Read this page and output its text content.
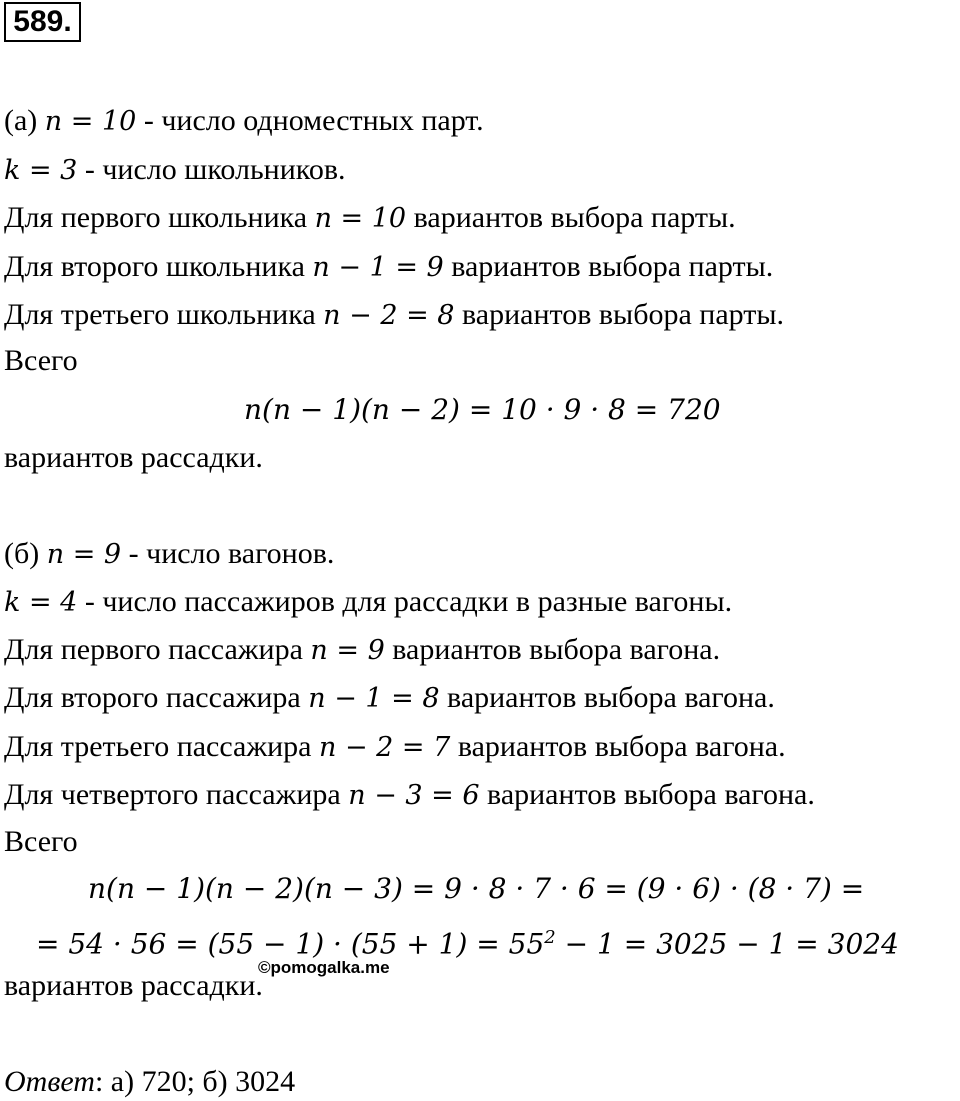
589.
(а) n = 10 - число одноместных парт.
k = 3 - число школьников.
Для первого школьника n = 10 вариантов выбора парты.
Для второго школьника n − 1 = 9 вариантов выбора парты.
Для третьего школьника n − 2 = 8 вариантов выбора парты.
Всего
n(n − 1)(n − 2) = 10 · 9 · 8 = 720
вариантов рассадки.
(б) n = 9 - число вагонов.
k = 4 - число пассажиров для рассадки в разные вагоны.
Для первого пассажира n = 9 вариантов выбора вагона.
Для второго пассажира n − 1 = 8 вариантов выбора вагона.
Для третьего пассажира n − 2 = 7 вариантов выбора вагона.
Для четвертого пассажира n − 3 = 6 вариантов выбора вагона.
Всего
n(n − 1)(n − 2)(n − 3) = 9 · 8 · 7 · 6 = (9 · 6) · (8 · 7) =
= $54 \cdot 56 = (55 - 1) \cdot (55 + 1) = 55^2 - 1 = 3025 - 1 = 3024$
©pomogalka.me
вариантов рассадки.
Ответ: а) 720; б) 3024
